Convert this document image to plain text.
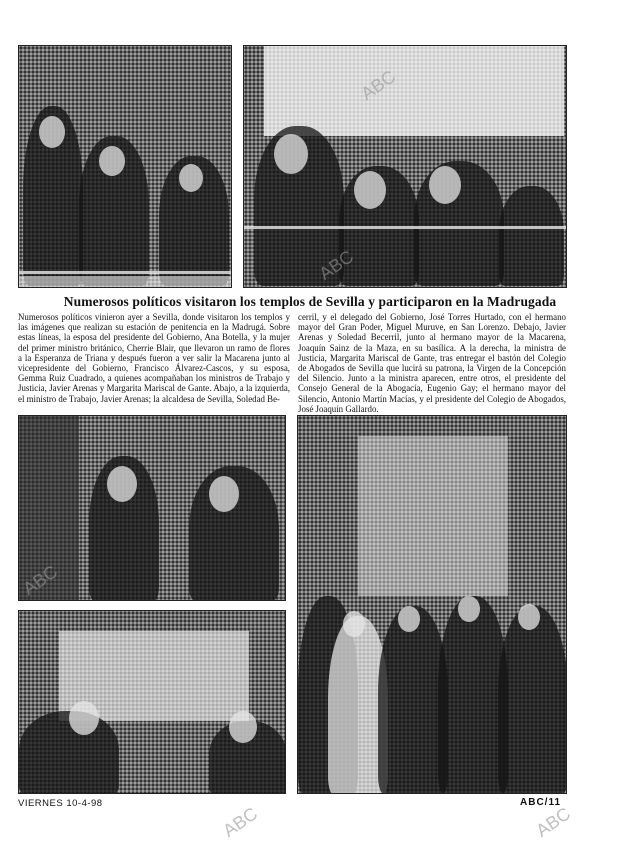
Numerosos políticos visitaron los templos de Sevilla y participaron en la Madrugada
Numerosos políticos vinieron ayer a Sevilla, donde visitaron los templos y las imágenes que realizan su estación de penitencia en la Madrugá. Sobre estas líneas, la esposa del presidente del Gobierno, Ana Botella, y la mujer del primer ministro británico, Cherrie Blair, que llevaron un ramo de flores a la Esperanza de Triana y después fueron a ver salir la Macarena junto al vicepresidente del Gobierno, Francisco Álvarez-Cascos, y su esposa, Gemma Ruiz Cuadrado, a quienes acompañaban los ministros de Trabajo y Justicia, Javier Arenas y Margarita Mariscal de Gante. Abajo, a la izquierda, el ministro de Trabajo, Javier Arenas; la alcaldesa de Sevilla, Soledad Be-
cerril, y el delegado del Gobierno, José Torres Hurtado, con el hermano mayor del Gran Poder, Miguel Muruve, en San Lorenzo. Debajo, Javier Arenas y Soledad Becerril, junto al hermano mayor de la Macarena, Joaquín Sainz de la Maza, en su basílica. A la derecha, la ministra de Justicia, Margarita Mariscal de Gante, tras entregar el bastón del Colegio de Abogados de Sevilla que lucirá su patrona, la Virgen de la Concepción del Silencio. Junto a la ministra aparecen, entre otros, el presidente del Consejo General de la Abogacía, Eugenio Gay; el hermano mayor del Silencio, Antonio Martín Macías, y el presidente del Colegio de Abogados, José Joaquín Gallardo.
ABC
ABC
ABC
ABC	ABC
VIERNES 10-4-98	ABC/11
